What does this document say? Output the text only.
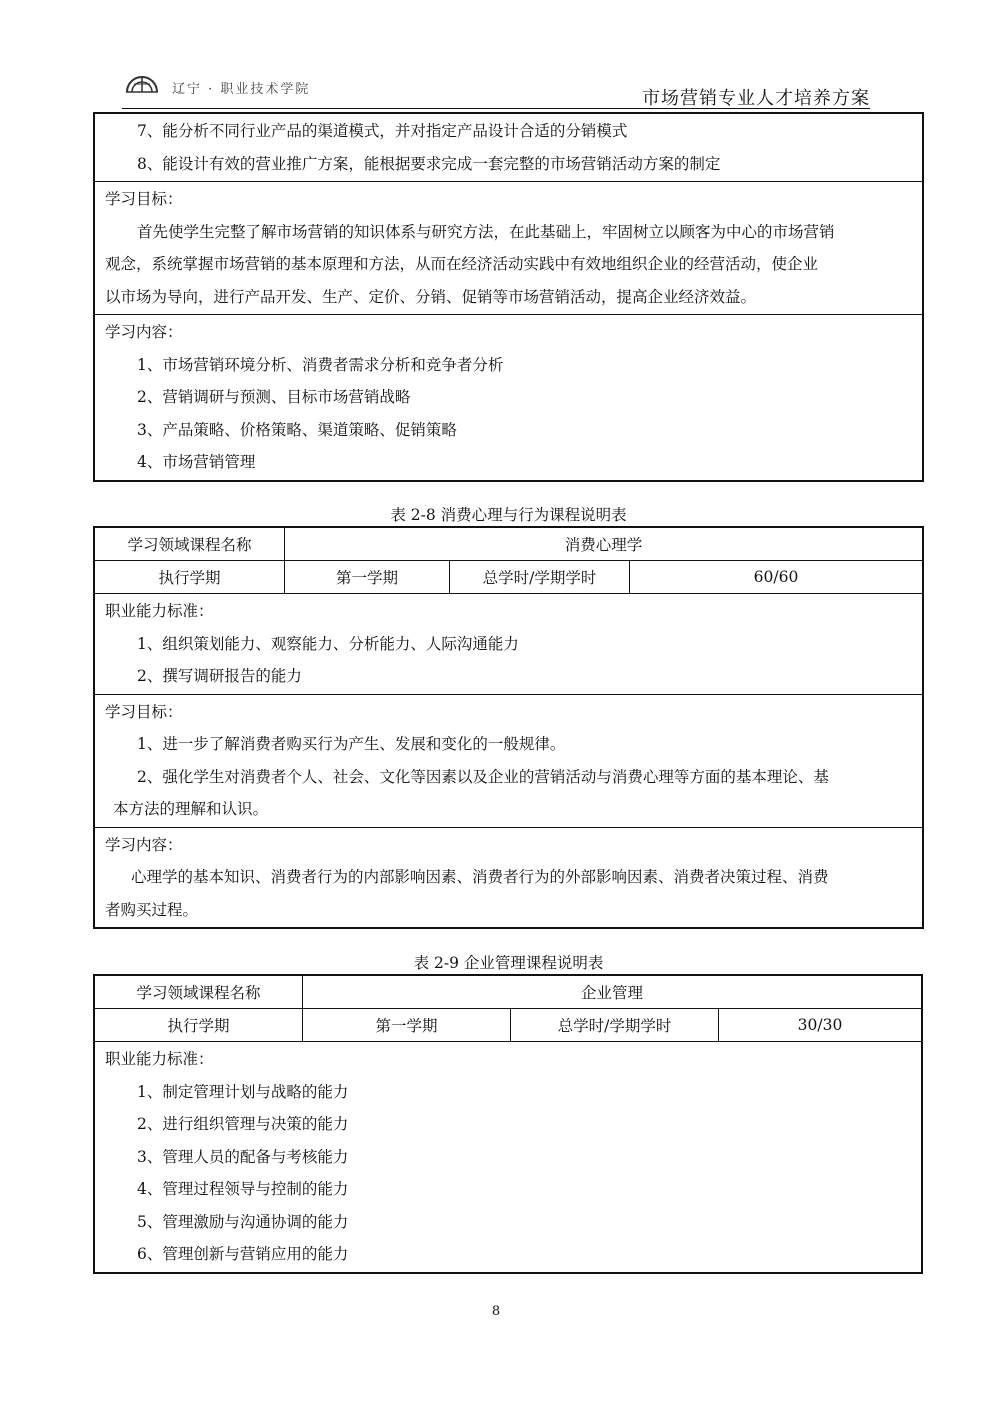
辽宁 · 职业技术学院	市场营销专业人才培养方案
7、能分析不同行业产品的渠道模式，并对指定产品设计合适的分销模式
8、能设计有效的营业推广方案，能根据要求完成一套完整的市场营销活动方案的制定
学习目标：
首先使学生完整了解市场营销的知识体系与研究方法，在此基础上，牢固树立以顾客为中心的市场营销
观念，系统掌握市场营销的基本原理和方法，从而在经济活动实践中有效地组织企业的经营活动，使企业
以市场为导向，进行产品开发、生产、定价、分销、促销等市场营销活动，提高企业经济效益。
学习内容：
1、市场营销环境分析、消费者需求分析和竞争者分析
2、营销调研与预测、目标市场营销战略
3、产品策略、价格策略、渠道策略、促销策略
4、市场营销管理
表 2-8 消费心理与行为课程说明表
学习领域课程名称	消费心理学
执行学期	第一学期	总学时/学期学时	60/60
职业能力标准：
1、组织策划能力、观察能力、分析能力、人际沟通能力
2、撰写调研报告的能力
学习目标：
1、进一步了解消费者购买行为产生、发展和变化的一般规律。
2、强化学生对消费者个人、社会、文化等因素以及企业的营销活动与消费心理等方面的基本理论、基
本方法的理解和认识。
学习内容：
心理学的基本知识、消费者行为的内部影响因素、消费者行为的外部影响因素、消费者决策过程、消费
者购买过程。
表 2-9 企业管理课程说明表
学习领域课程名称	企业管理
执行学期	第一学期	总学时/学期学时	30/30
职业能力标准：
1、制定管理计划与战略的能力
2、进行组织管理与决策的能力
3、管理人员的配备与考核能力
4、管理过程领导与控制的能力
5、管理激励与沟通协调的能力
6、管理创新与营销应用的能力
8
